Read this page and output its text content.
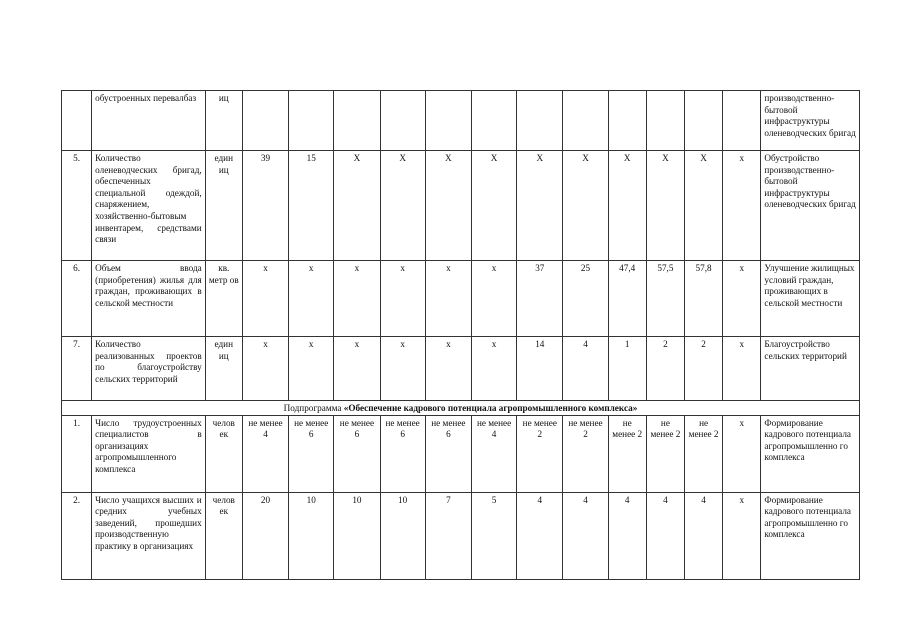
	обустроенных перевалбаз	иц													производственно-бытовой инфраструктуры оленеводческих бригад
5.	Количество оленеводческих бригад, обеспеченных специальной одеждой, снаряжением, хозяйственно-бытовым инвентарем, средствами связи	един иц	39	15	X	X	X	X	X	X	X	X	X	x	Обустройство производственно-бытовой инфраструктуры оленеводческих бригад
6.	Объем ввода (приобретения) жилья для граждан, проживающих в сельской местности	кв. метр ов	x	x	x	x	x	x	37	25	47,4	57,5	57,8	x	Улучшение жилищных условий граждан, проживающих в сельской местности
7.	Количество реализованных проектов по благоустройству сельских территорий	един иц	x	x	x	x	x	x	14	4	1	2	2	x	Благоустройство сельских территорий
Подпрограмма «Обеспечение кадрового потенциала агропромышленного комплекса»															
1.	Число трудоустроенных специалистов в организациях агропромышленного комплекса	челов ек	не менее 4	не менее 6	не менее 6	не менее 6	не менее 6	не менее 4	не менее 2	не менее 2	не менее 2	не менее 2	не менее 2	x	Формирование кадрового потенциала агропромышленно го комплекса
2.	Число учащихся высших и средних учебных заведений, прошедших производственную практику в организациях	челов ек	20	10	10	10	7	5	4	4	4	4	4	x	Формирование кадрового потенциала агропромышленно го комплекса
